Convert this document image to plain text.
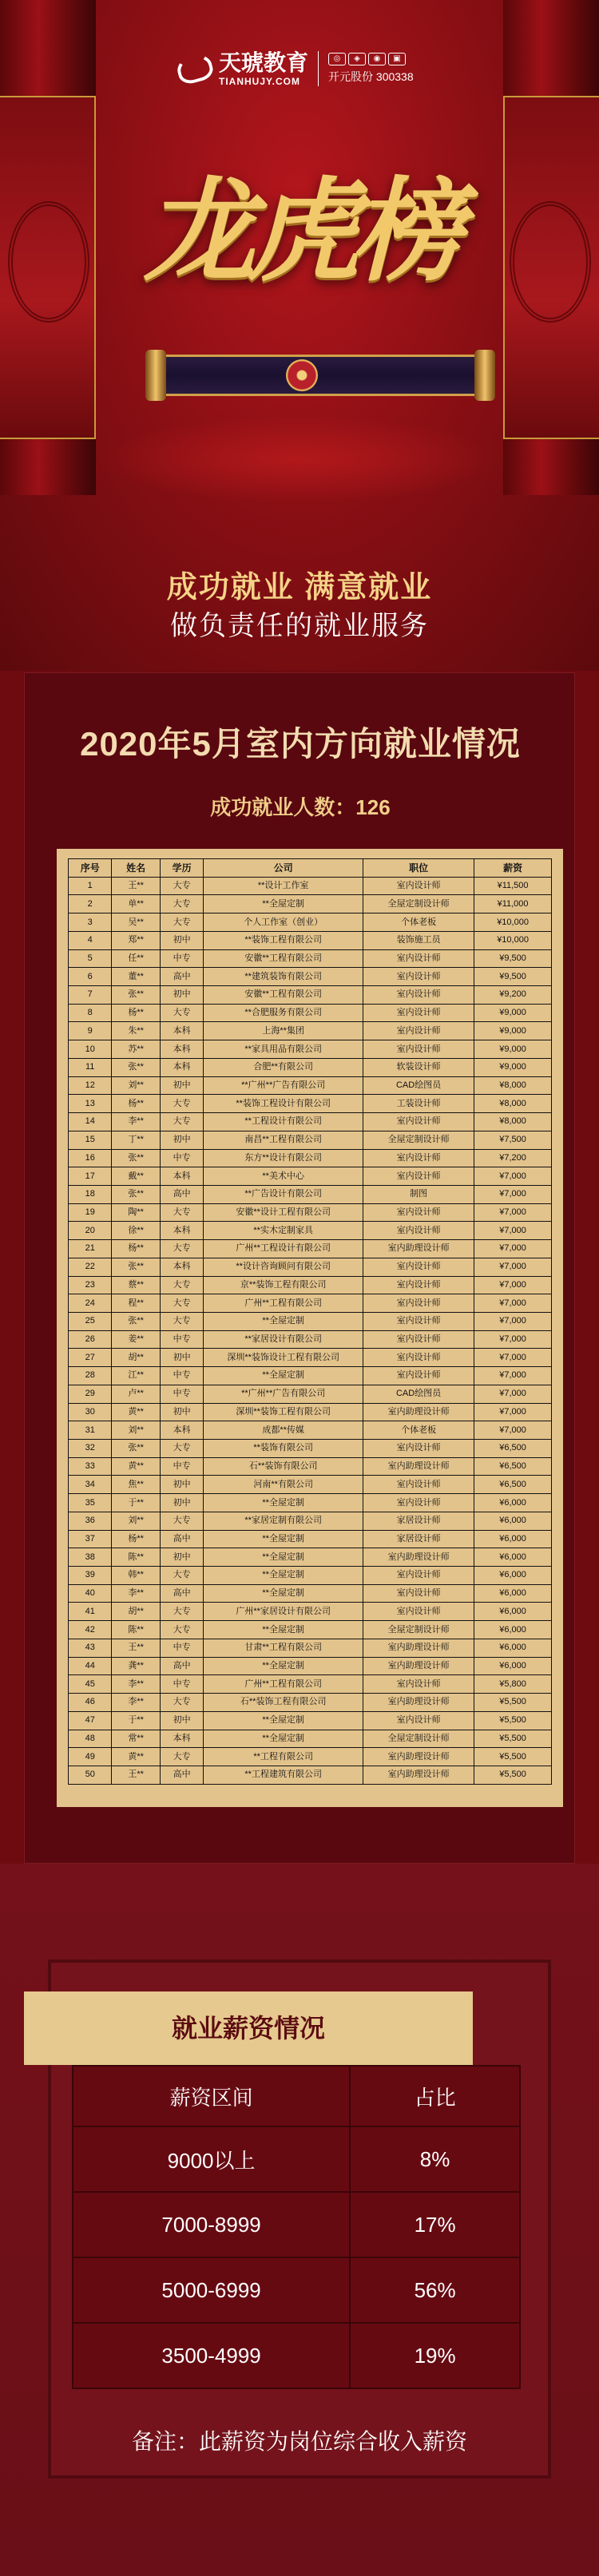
天琥教育
TIANHUJY.COM
◎	◈	◉	▣
开元股份 300338
龙虎榜
成功就业 满意就业
做负责任的就业服务
2020年5月室内方向就业情况
成功就业人数：126
序号	姓名	学历	公司	职位	薪资
1	王**	大专	**设计工作室	室内设计师	¥11,500
2	单**	大专	**全屋定制	全屋定制设计师	¥11,000
3	吴**	大专	个人工作室（创业）	个体老板	¥10,000
4	郑**	初中	**装饰工程有限公司	装饰施工员	¥10,000
5	任**	中专	安徽**工程有限公司	室内设计师	¥9,500
6	董**	高中	**建筑装饰有限公司	室内设计师	¥9,500
7	张**	初中	安徽**工程有限公司	室内设计师	¥9,200
8	杨**	大专	**合肥服务有限公司	室内设计师	¥9,000
9	朱**	本科	上海**集团	室内设计师	¥9,000
10	苏**	本科	**家具用品有限公司	室内设计师	¥9,000
11	张**	本科	合肥**有限公司	软装设计师	¥9,000
12	刘**	初中	**广州**广告有限公司	CAD绘图员	¥8,000
13	杨**	大专	**装饰工程设计有限公司	工装设计师	¥8,000
14	李**	大专	**工程设计有限公司	室内设计师	¥8,000
15	丁**	初中	南昌**工程有限公司	全屋定制设计师	¥7,500
16	张**	中专	东方**设计有限公司	室内设计师	¥7,200
17	戴**	本科	**美术中心	室内设计师	¥7,000
18	张**	高中	**广告设计有限公司	制图	¥7,000
19	陶**	大专	安徽**设计工程有限公司	室内设计师	¥7,000
20	徐**	本科	**实木定制家具	室内设计师	¥7,000
21	杨**	大专	广州**工程设计有限公司	室内助理设计师	¥7,000
22	张**	本科	**设计咨询顾问有限公司	室内设计师	¥7,000
23	蔡**	大专	京**装饰工程有限公司	室内设计师	¥7,000
24	程**	大专	广州**工程有限公司	室内设计师	¥7,000
25	张**	大专	**全屋定制	室内设计师	¥7,000
26	姜**	中专	**家居设计有限公司	室内设计师	¥7,000
27	胡**	初中	深圳**装饰设计工程有限公司	室内设计师	¥7,000
28	江**	中专	**全屋定制	室内设计师	¥7,000
29	卢**	中专	**广州**广告有限公司	CAD绘图员	¥7,000
30	黄**	初中	深圳**装饰工程有限公司	室内助理设计师	¥7,000
31	刘**	本科	成都**传媒	个体老板	¥7,000
32	张**	大专	**装饰有限公司	室内设计师	¥6,500
33	黄**	中专	石**装饰有限公司	室内助理设计师	¥6,500
34	焦**	初中	河南**有限公司	室内设计师	¥6,500
35	于**	初中	**全屋定制	室内设计师	¥6,000
36	刘**	大专	**家居定制有限公司	家居设计师	¥6,000
37	杨**	高中	**全屋定制	家居设计师	¥6,000
38	陈**	初中	**全屋定制	室内助理设计师	¥6,000
39	韩**	大专	**全屋定制	室内设计师	¥6,000
40	李**	高中	**全屋定制	室内设计师	¥6,000
41	胡**	大专	广州**家居设计有限公司	室内设计师	¥6,000
42	陈**	大专	**全屋定制	全屋定制设计师	¥6,000
43	王**	中专	甘肃**工程有限公司	室内助理设计师	¥6,000
44	龚**	高中	**全屋定制	室内助理设计师	¥6,000
45	李**	中专	广州**工程有限公司	室内设计师	¥5,800
46	李**	大专	石**装饰工程有限公司	室内助理设计师	¥5,500
47	于**	初中	**全屋定制	室内设计师	¥5,500
48	常**	本科	**全屋定制	全屋定制设计师	¥5,500
49	黄**	大专	**工程有限公司	室内助理设计师	¥5,500
50	王**	高中	**工程建筑有限公司	室内助理设计师	¥5,500
就业薪资情况
薪资区间	占比
9000以上	8%
7000-8999	17%
5000-6999	56%
3500-4999	19%
备注：此薪资为岗位综合收入薪资
